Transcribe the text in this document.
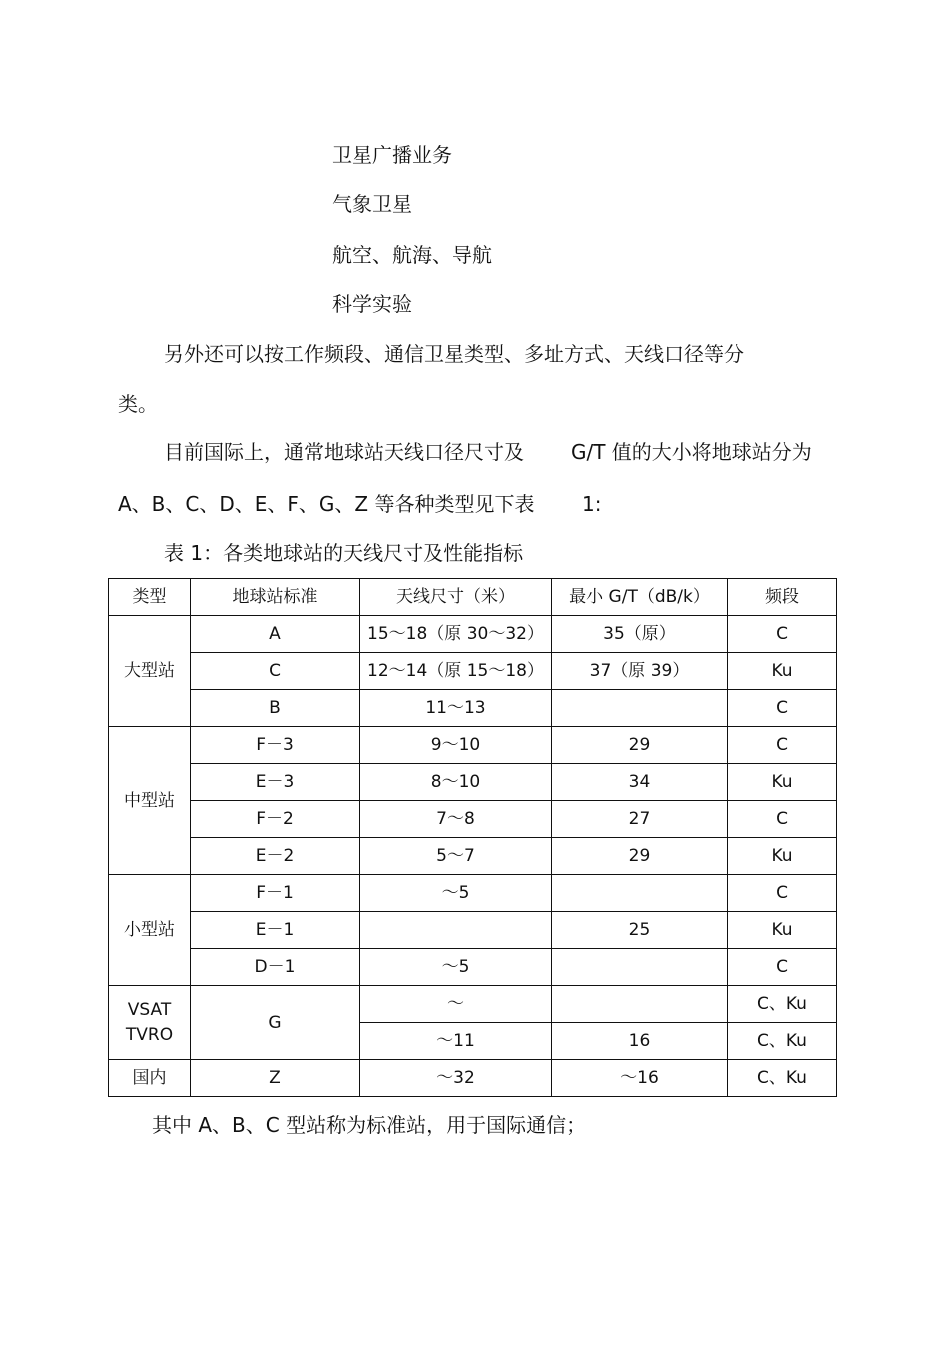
卫星广播业务
气象卫星
航空、航海、导航
科学实验
另外还可以按工作频段、通信卫星类型、多址方式、天线口径等分
类。
目前国际上，通常地球站天线口径尺寸及 G/T 值的大小将地球站分为
A、B、C、D、E、F、G、Z 等各种类型见下表 1:
表 1：各类地球站的天线尺寸及性能指标
类型	地球站标准	天线尺寸（米）	最小 G/T（dB/k）	频段
大型站	A	15～18（原 30～32）	35（原）	C
	C	12～14（原 15～18）	37（原 39）	Ku
	B	11～13		C
中型站	F－3	9～10	29	C
	E－3	8～10	34	Ku
	F－2	7～8	27	C
	E－2	5～7	29	Ku
小型站	F－1	～5		C
	E－1		25	Ku
	D－1	～5		C
VSAT TVRO	G	～		C、Ku
		～11	16	C、Ku
国内	Z	～32	～16	C、Ku
其中 A、B、C 型站称为标准站，用于国际通信；
